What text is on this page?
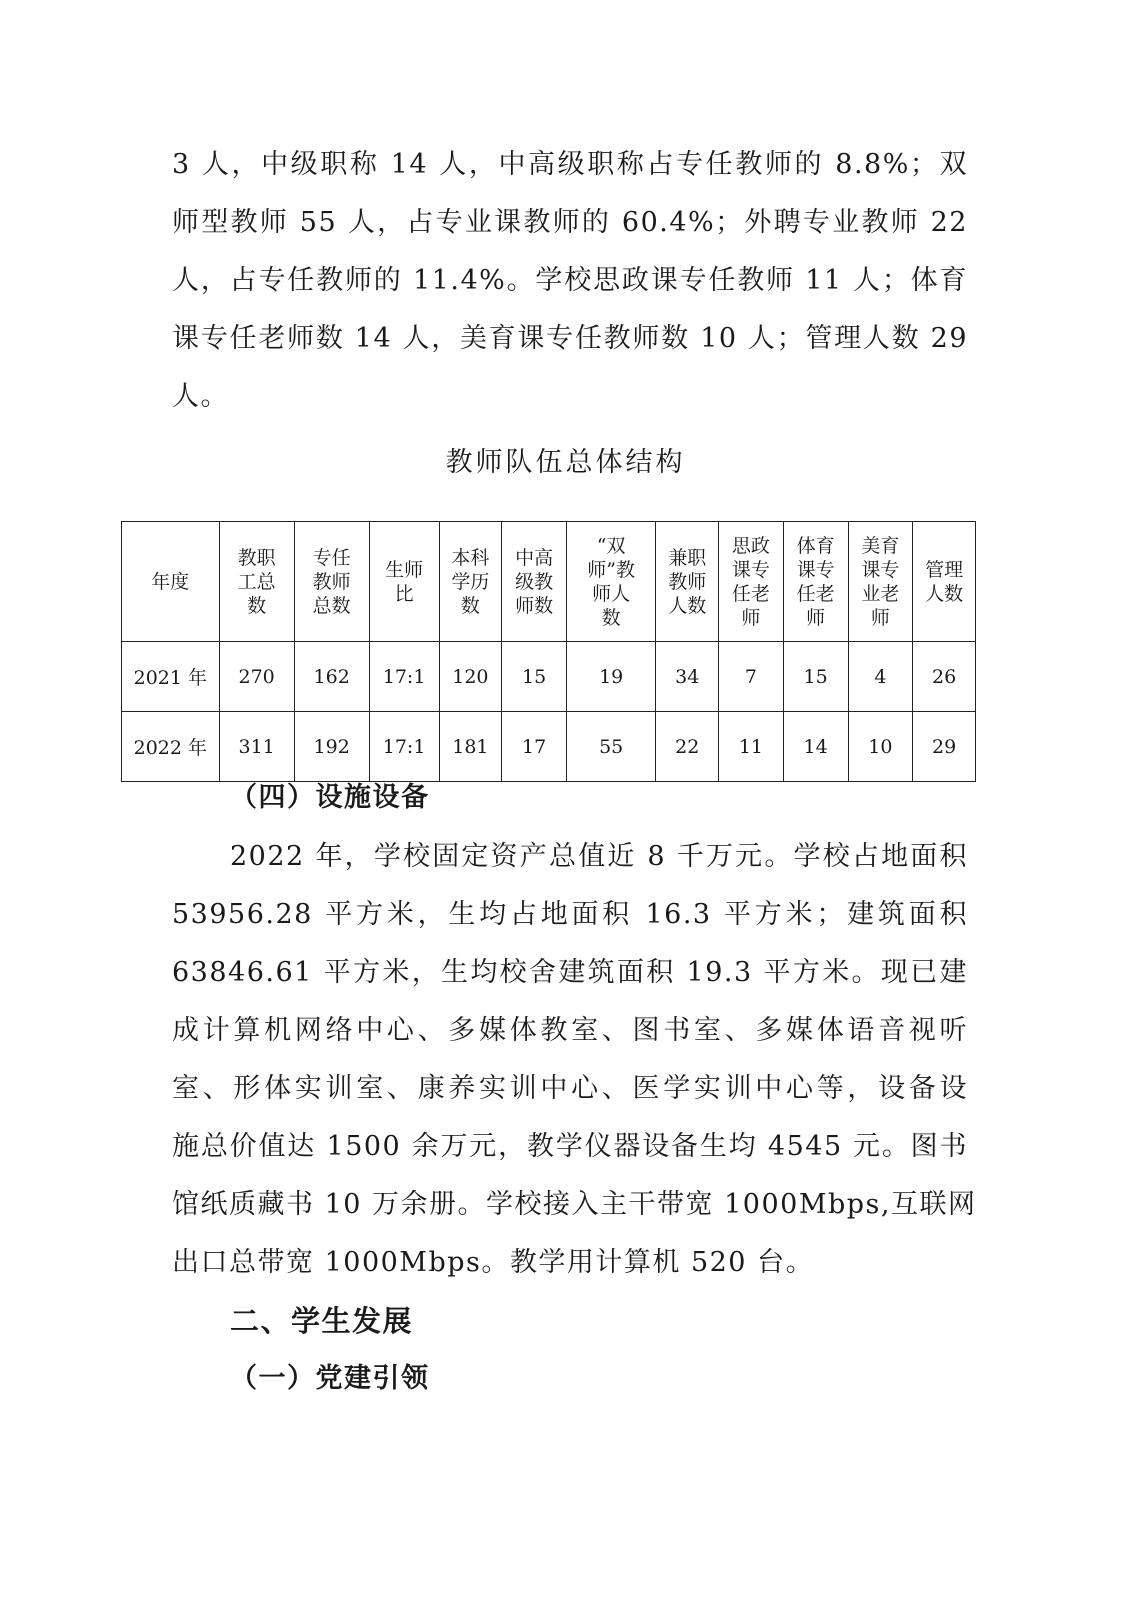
3 人，中级职称 14 人，中高级职称占专任教师的 8.8%；双
师型教师 55 人，占专业课教师的 60.4%；外聘专业教师 22
人，占专任教师的 11.4%。学校思政课专任教师 11 人；体育
课专任老师数 14 人，美育课专任教师数 10 人；管理人数 29
人。
教师队伍总体结构
年度	教职
工总
数	专任
教师
总数	生师
比	本科
学历
数	中高
级教
师数	“双
师”教
师人
数	兼职
教师
人数	思政
课专
任老
师	体育
课专
任老
师	美育
课专
业老
师	管理
人数
2021 年	270	162	17:1	120	15	19	34	7	15	4	26
2022 年	311	192	17:1	181	17	55	22	11	14	10	29
（四）设施设备
2022 年，学校固定资产总值近 8 千万元。学校占地面积
53956.28 平方米，生均占地面积 16.3 平方米；建筑面积
63846.61 平方米，生均校舍建筑面积 19.3 平方米。现已建
成计算机网络中心、多媒体教室、图书室、多媒体语音视听
室、形体实训室、康养实训中心、医学实训中心等，设备设
施总价值达 1500 余万元，教学仪器设备生均 4545 元。图书
馆纸质藏书 10 万余册。学校接入主干带宽 1000Mbps,互联网
出口总带宽 1000Mbps。教学用计算机 520 台。
二、学生发展
（一）党建引领
